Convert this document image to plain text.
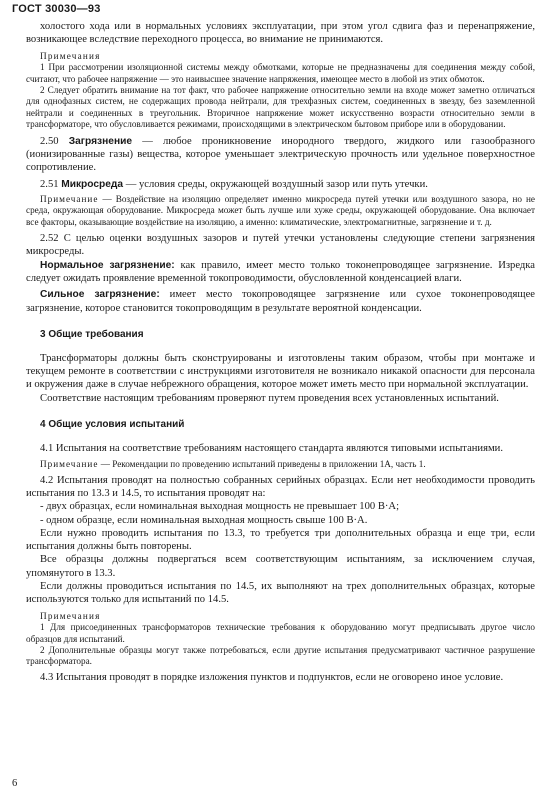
ГОСТ 30030—93

холостого хода или в нормальных условиях эксплуатации, при этом угол сдвига фаз и перенапряжение, возникающее вследствие переходного процесса, во внимание не принимаются.

Примечания

1 При рассмотрении изоляционной системы между обмотками, которые не предназначены для соединения между собой, считают, что рабочее напряжение — это наивысшее значение напряжения, имеющее место в любой из этих обмоток.

2 Следует обратить внимание на тот факт, что рабочее напряжение относительно земли на входе может заметно отличаться для однофазных систем, не содержащих провода нейтрали, для трехфазных систем, соединенных в звезду, без заземленной нейтрали и соединенных в треугольник. Вторичное напряжение может искусственно возрасти относительно земли в трансформаторе, что обусловливается режимами, происходящими в электрическом бытовом приборе или в оборудовании.

2.50 Загрязнение — любое проникновение инородного твердого, жидкого или газообразного (ионизированные газы) вещества, которое уменьшает электрическую прочность или удельное поверхностное сопротивление.

2.51 Микросреда — условия среды, окружающей воздушный зазор или путь утечки.

Примечание — Воздействие на изоляцию определяет именно микросреда путей утечки или воздушного зазора, но не среда, окружающая оборудование. Микросреда может быть лучше или хуже среды, окружающей оборудование. Она включает все факторы, оказывающие воздействие на изоляцию, а именно: климатические, электромагнитные, загрязнение и т. д.

2.52 С целью оценки воздушных зазоров и путей утечки установлены следующие степени загрязнения микросреды.

Нормальное загрязнение: как правило, имеет место только токонепроводящее загрязнение. Изредка следует ожидать проявление временной токопроводимости, обусловленной конденсацией влаги.

Сильное загрязнение: имеет место токопроводящее загрязнение или сухое токонепроводящее загрязнение, которое становится токопроводящим в результате вероятной конденсации.

3 Общие требования

Трансформаторы должны быть сконструированы и изготовлены таким образом, чтобы при монтаже и текущем ремонте в соответствии с инструкциями изготовителя не возникало никакой опасности для персонала и окружения даже в случае небрежного обращения, которое может иметь место при нормальной эксплуатации.

Соответствие настоящим требованиям проверяют путем проведения всех установленных испытаний.

4 Общие условия испытаний

4.1 Испытания на соответствие требованиям настоящего стандарта являются типовыми испытаниями.

Примечание — Рекомендации по проведению испытаний приведены в приложении 1А, часть 1.

4.2 Испытания проводят на полностью собранных серийных образцах. Если нет необходимости проводить испытания по 13.3 и 14.5, то испытания проводят на:

- двух образцах, если номинальная выходная мощность не превышает 100 В·А;

- одном образце, если номинальная выходная мощность свыше 100 В·А.

Если нужно проводить испытания по 13.3, то требуется три дополнительных образца и еще три, если испытания должны быть повторены.

Все образцы должны подвергаться всем соответствующим испытаниям, за исключением случая, упомянутого в 13.3.

Если должны проводиться испытания по 14.5, их выполняют на трех дополнительных образцах, которые используются только для испытаний по 14.5.

Примечания

1 Для присоединенных трансформаторов технические требования к оборудованию могут предписывать другое число образцов для испытаний.

2 Дополнительные образцы могут также потребоваться, если другие испытания предусматривают частичное разрушение трансформатора.

4.3 Испытания проводят в порядке изложения пунктов и подпунктов, если не оговорено иное условие.

6
